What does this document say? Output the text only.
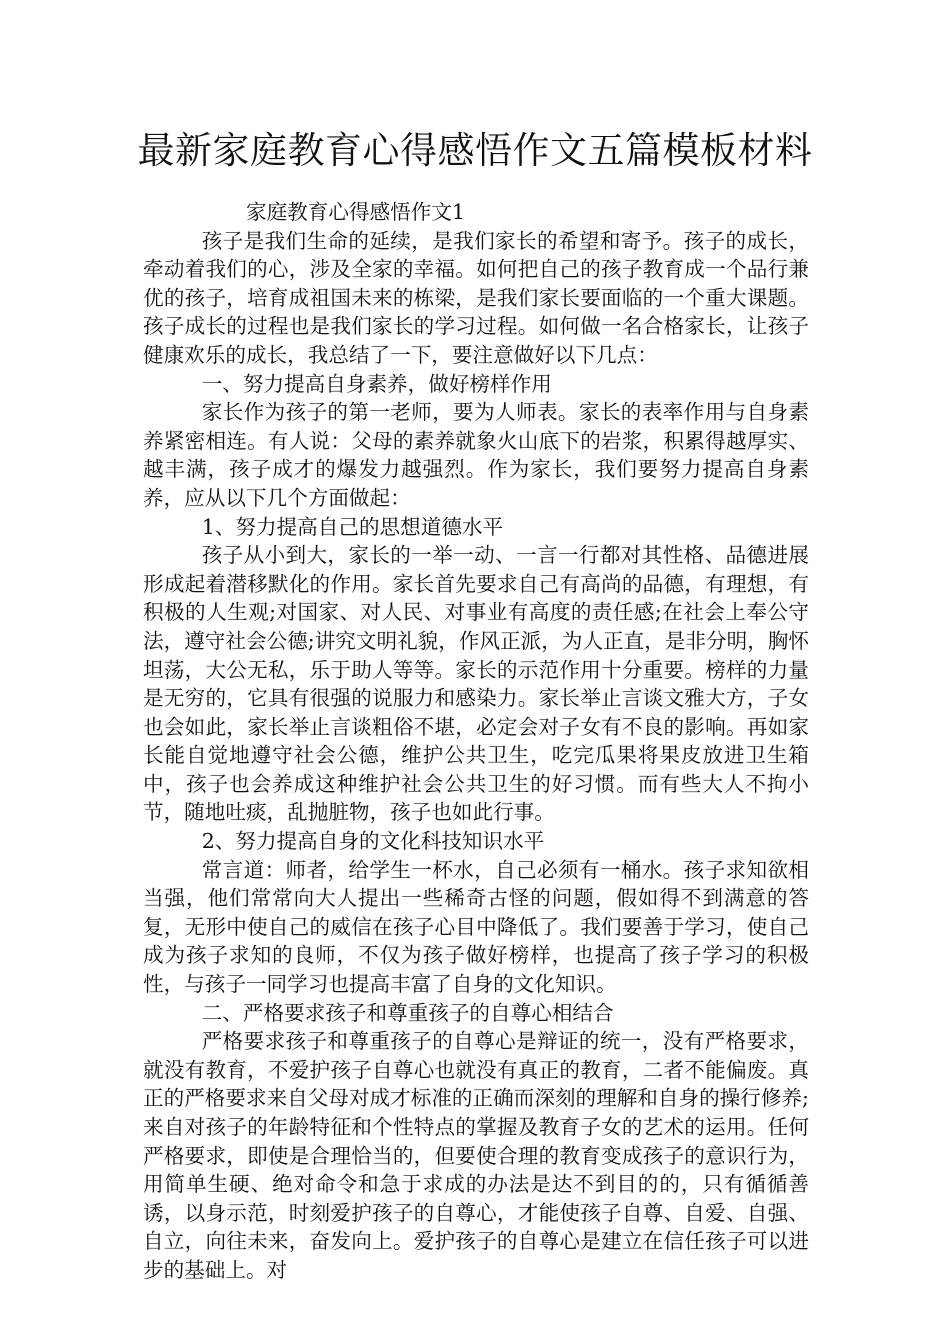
最新家庭教育心得感悟作文五篇模板材料

家庭教育心得感悟作文1

孩子是我们生命的延续，是我们家长的希望和寄予。孩子的成长，牵动着我们的心，涉及全家的幸福。如何把自己的孩子教育成一个品行兼优的孩子，培育成祖国未来的栋梁，是我们家长要面临的一个重大课题。孩子成长的过程也是我们家长的学习过程。如何做一名合格家长，让孩子健康欢乐的成长，我总结了一下，要注意做好以下几点：

一、努力提高自身素养，做好榜样作用

家长作为孩子的第一老师，要为人师表。家长的表率作用与自身素养紧密相连。有人说：父母的素养就象火山底下的岩浆，积累得越厚实、越丰满，孩子成才的爆发力越强烈。作为家长，我们要努力提高自身素养，应从以下几个方面做起：

1、努力提高自己的思想道德水平

孩子从小到大，家长的一举一动、一言一行都对其性格、品德进展形成起着潜移默化的作用。家长首先要求自己有高尚的品德，有理想，有积极的人生观;对国家、对人民、对事业有高度的责任感;在社会上奉公守法，遵守社会公德;讲究文明礼貌，作风正派，为人正直，是非分明，胸怀坦荡，大公无私，乐于助人等等。家长的示范作用十分重要。榜样的力量是无穷的，它具有很强的说服力和感染力。家长举止言谈文雅大方，子女也会如此，家长举止言谈粗俗不堪，必定会对子女有不良的影响。再如家长能自觉地遵守社会公德，维护公共卫生，吃完瓜果将果皮放进卫生箱中，孩子也会养成这种维护社会公共卫生的好习惯。而有些大人不拘小节，随地吐痰，乱抛脏物，孩子也如此行事。

2、努力提高自身的文化科技知识水平

常言道：师者，给学生一杯水，自己必须有一桶水。孩子求知欲相当强，他们常常向大人提出一些稀奇古怪的问题，假如得不到满意的答复，无形中使自己的威信在孩子心目中降低了。我们要善于学习，使自己成为孩子求知的良师，不仅为孩子做好榜样，也提高了孩子学习的积极性，与孩子一同学习也提高丰富了自身的文化知识。

二、严格要求孩子和尊重孩子的自尊心相结合

严格要求孩子和尊重孩子的自尊心是辩证的统一，没有严格要求，就没有教育，不爱护孩子自尊心也就没有真正的教育，二者不能偏废。真正的严格要求来自父母对成才标准的正确而深刻的理解和自身的操行修养;来自对孩子的年龄特征和个性特点的掌握及教育子女的艺术的运用。任何严格要求，即使是合理恰当的，但要使合理的教育变成孩子的意识行为，用简单生硬、绝对命令和急于求成的办法是达不到目的的，只有循循善诱，以身示范，时刻爱护孩子的自尊心，才能使孩子自尊、自爱、自强、自立，向往未来，奋发向上。爱护孩子的自尊心是建立在信任孩子可以进步的基础上。对
